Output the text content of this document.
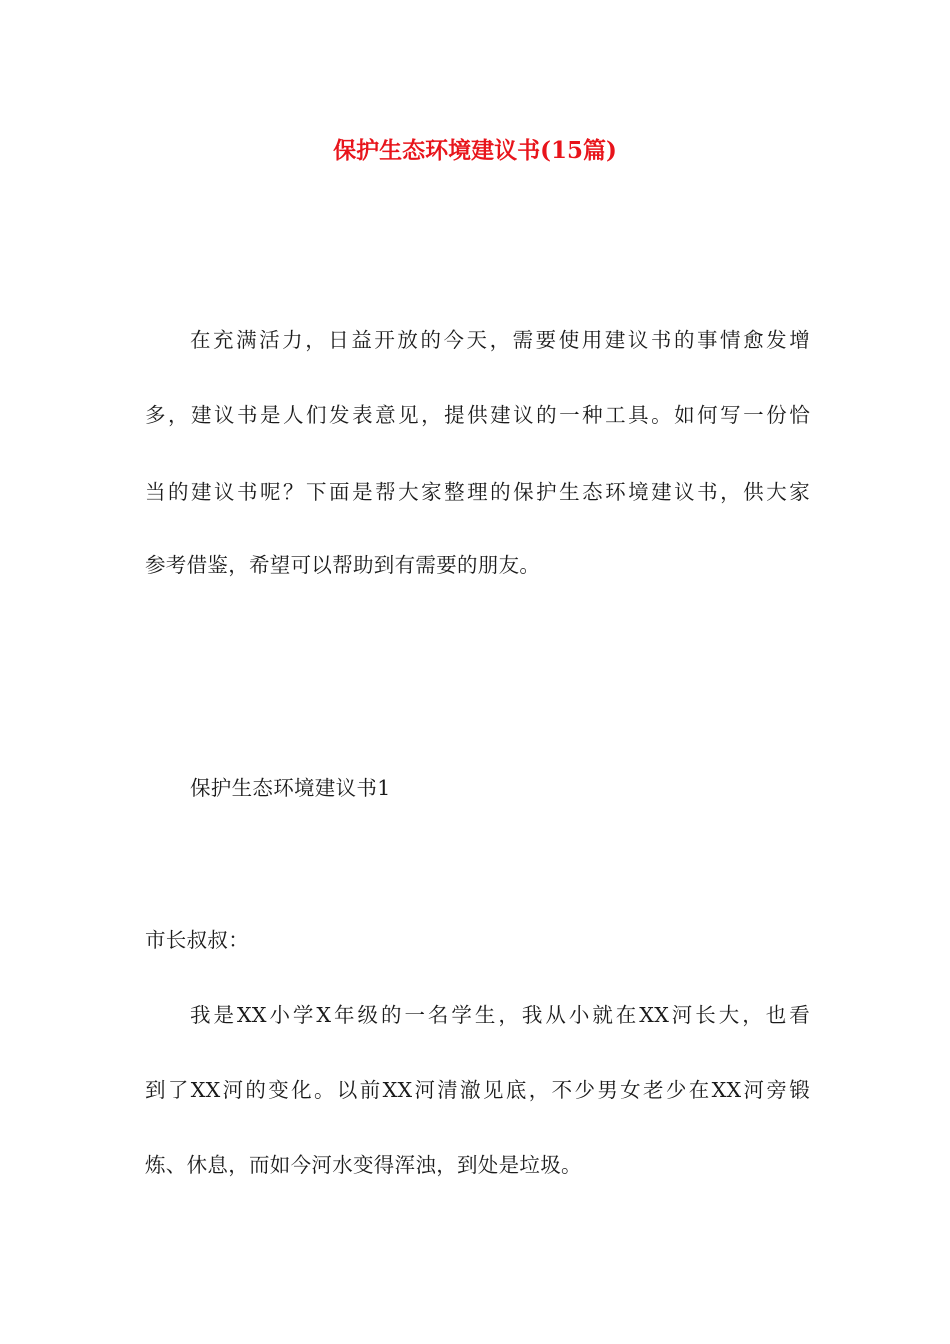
保护生态环境建议书(15篇)
在充满活力，日益开放的今天，需要使用建议书的事情愈发增
多，建议书是人们发表意见，提供建议的一种工具。如何写一份恰
当的建议书呢？下面是帮大家整理的保护生态环境建议书，供大家
参考借鉴，希望可以帮助到有需要的朋友。
保护生态环境建议书1
市长叔叔：
我是XX小学X年级的一名学生，我从小就在XX河长大，也看
到了XX河的变化。以前XX河清澈见底，不少男女老少在XX河旁锻
炼、休息，而如今河水变得浑浊，到处是垃圾。
